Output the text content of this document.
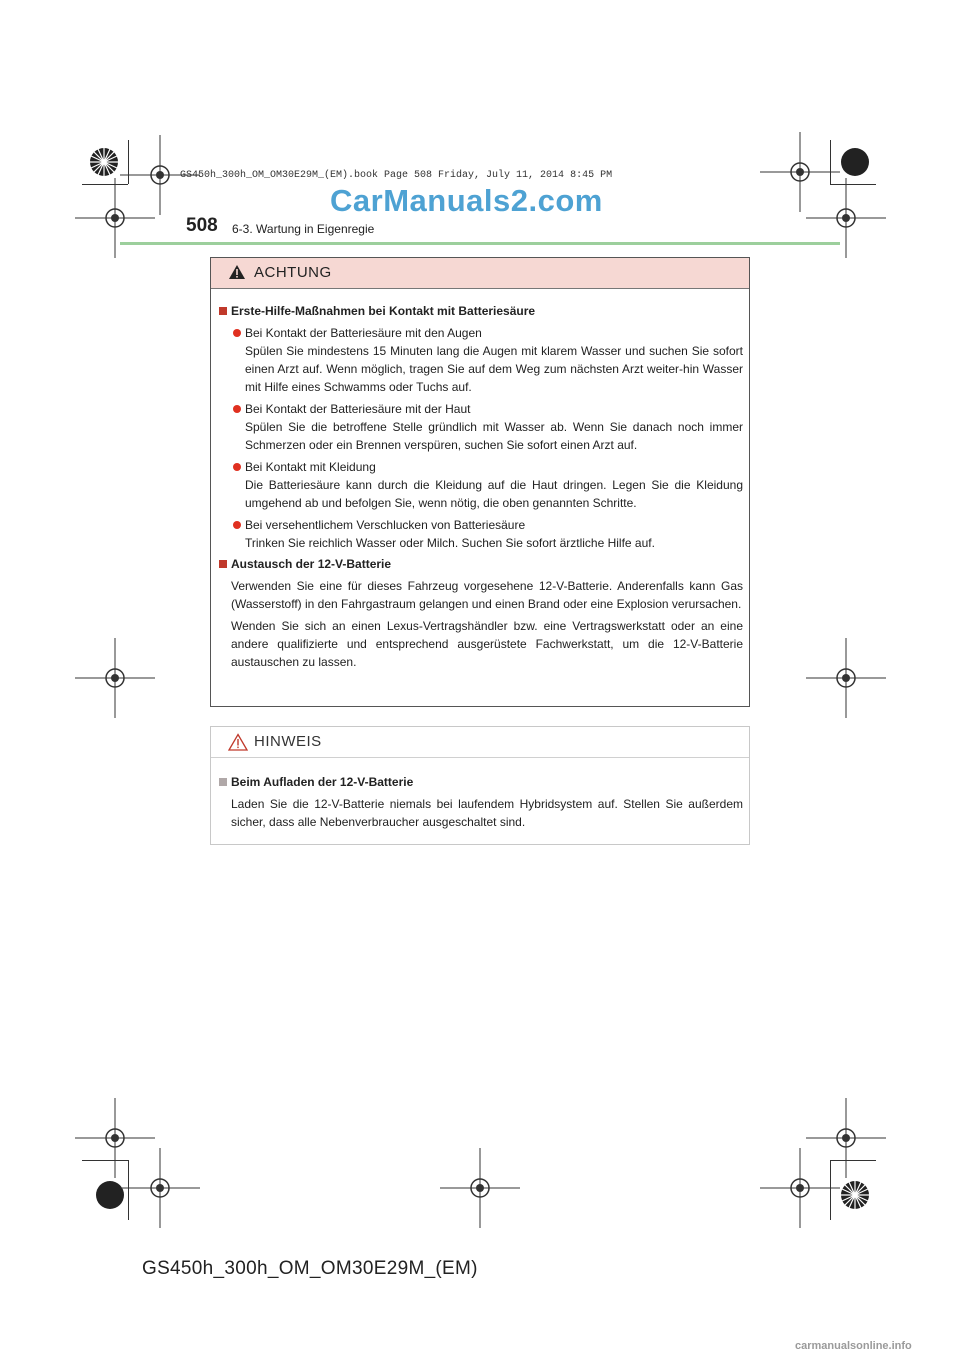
GS450h_300h_OM_OM30E29M_(EM).book Page 508 Friday, July 11, 2014 8:45 PM
CarManuals2.com
508 6-3. Wartung in Eigenregie
ACHTUNG
Erste-Hilfe-Maßnahmen bei Kontakt mit Batteriesäure
Bei Kontakt der Batteriesäure mit den Augen
Spülen Sie mindestens 15 Minuten lang die Augen mit klarem Wasser und suchen Sie sofort einen Arzt auf. Wenn möglich, tragen Sie auf dem Weg zum nächsten Arzt weiter-hin Wasser mit Hilfe eines Schwamms oder Tuchs auf.
Bei Kontakt der Batteriesäure mit der Haut
Spülen Sie die betroffene Stelle gründlich mit Wasser ab. Wenn Sie danach noch immer Schmerzen oder ein Brennen verspüren, suchen Sie sofort einen Arzt auf.
Bei Kontakt mit Kleidung
Die Batteriesäure kann durch die Kleidung auf die Haut dringen. Legen Sie die Kleidung umgehend ab und befolgen Sie, wenn nötig, die oben genannten Schritte.
Bei versehentlichem Verschlucken von Batteriesäure
Trinken Sie reichlich Wasser oder Milch. Suchen Sie sofort ärztliche Hilfe auf.
Austausch der 12-V-Batterie
Verwenden Sie eine für dieses Fahrzeug vorgesehene 12-V-Batterie. Anderenfalls kann Gas (Wasserstoff) in den Fahrgastraum gelangen und einen Brand oder eine Explosion verursachen.
Wenden Sie sich an einen Lexus-Vertragshändler bzw. eine Vertragswerkstatt oder an eine andere qualifizierte und entsprechend ausgerüstete Fachwerkstatt, um die 12-V-Batterie austauschen zu lassen.
HINWEIS
Beim Aufladen der 12-V-Batterie
Laden Sie die 12-V-Batterie niemals bei laufendem Hybridsystem auf. Stellen Sie außerdem sicher, dass alle Nebenverbraucher ausgeschaltet sind.
GS450h_300h_OM_OM30E29M_(EM)
carmanualsonline.info
